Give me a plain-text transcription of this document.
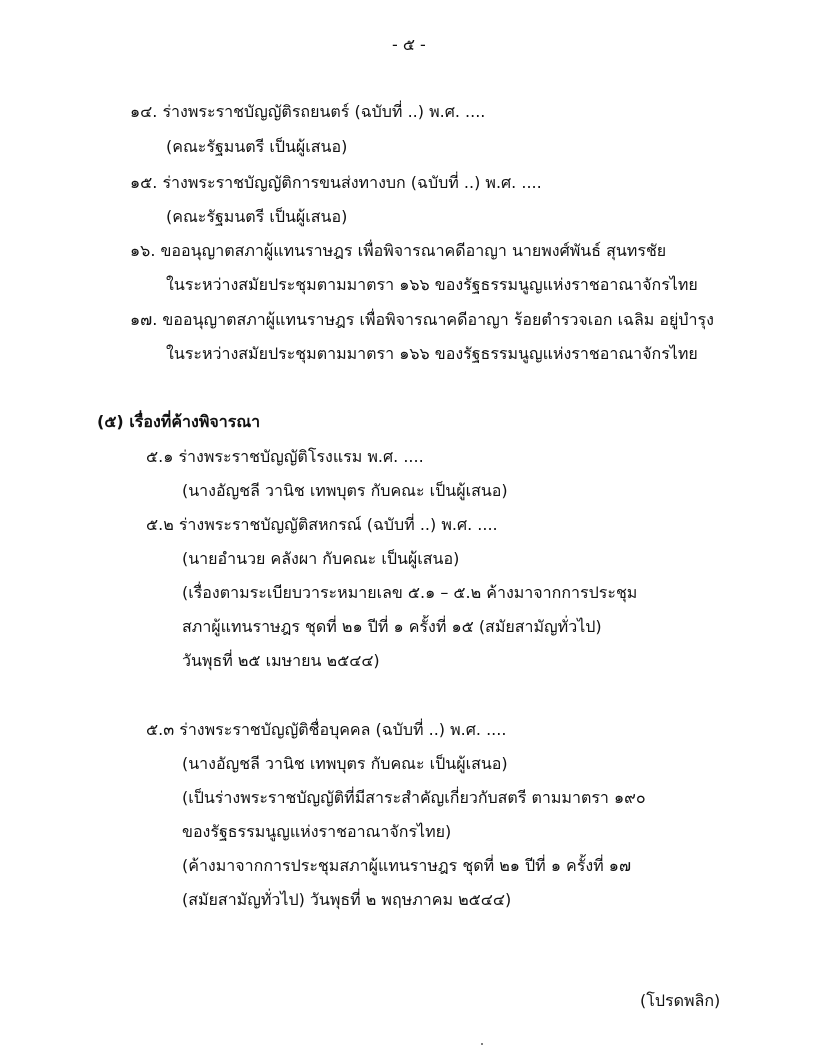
- ๕ -
๑๔. ร่างพระราชบัญญัติรถยนตร์ (ฉบับที่ ..) พ.ศ. ....
(คณะรัฐมนตรี เป็นผู้เสนอ)
๑๕. ร่างพระราชบัญญัติการขนส่งทางบก (ฉบับที่ ..) พ.ศ. ....
(คณะรัฐมนตรี เป็นผู้เสนอ)
๑๖. ขออนุญาตสภาผู้แทนราษฎร เพื่อพิจารณาคดีอาญา นายพงศ์พันธ์ สุนทรชัย
ในระหว่างสมัยประชุมตามมาตรา ๑๖๖ ของรัฐธรรมนูญแห่งราชอาณาจักรไทย
๑๗. ขออนุญาตสภาผู้แทนราษฎร เพื่อพิจารณาคดีอาญา ร้อยตำรวจเอก เฉลิม อยู่บำรุง
ในระหว่างสมัยประชุมตามมาตรา ๑๖๖ ของรัฐธรรมนูญแห่งราชอาณาจักรไทย
(๕) เรื่องที่ค้างพิจารณา
๕.๑ ร่างพระราชบัญญัติโรงแรม พ.ศ. ....
(นางอัญชลี วานิช เทพบุตร กับคณะ เป็นผู้เสนอ)
๕.๒ ร่างพระราชบัญญัติสหกรณ์ (ฉบับที่ ..) พ.ศ. ....
(นายอำนวย คลังผา กับคณะ เป็นผู้เสนอ)
(เรื่องตามระเบียบวาระหมายเลข ๕.๑ – ๕.๒ ค้างมาจากการประชุม
สภาผู้แทนราษฎร ชุดที่ ๒๑ ปีที่ ๑ ครั้งที่ ๑๕ (สมัยสามัญทั่วไป)
วันพุธที่ ๒๕ เมษายน ๒๕๔๔)
๕.๓ ร่างพระราชบัญญัติชื่อบุคคล (ฉบับที่ ..) พ.ศ. ....
(นางอัญชลี วานิช เทพบุตร กับคณะ เป็นผู้เสนอ)
(เป็นร่างพระราชบัญญัติที่มีสาระสำคัญเกี่ยวกับสตรี ตามมาตรา ๑๙๐
ของรัฐธรรมนูญแห่งราชอาณาจักรไทย)
(ค้างมาจากการประชุมสภาผู้แทนราษฎร ชุดที่ ๒๑ ปีที่ ๑ ครั้งที่ ๑๗
(สมัยสามัญทั่วไป) วันพุธที่ ๒ พฤษภาคม ๒๕๔๔)
(โปรดพลิก)
